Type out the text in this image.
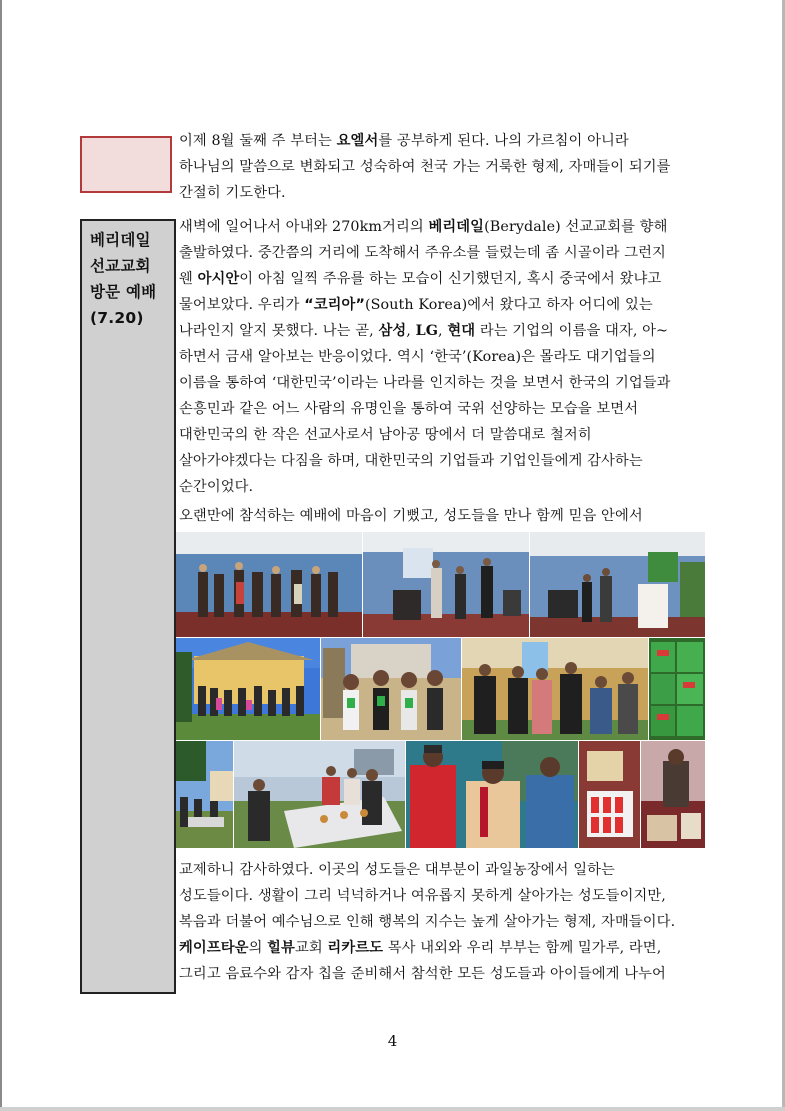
베리데일
선교교회
방문 예배
(7.20)
이제 8월 둘째 주 부터는 요엘서를 공부하게 된다. 나의 가르침이 아니라
하나님의 말씀으로 변화되고 성숙하여 천국 가는 거룩한 형제, 자매들이 되기를
간절히 기도한다.
새벽에 일어나서 아내와 270km거리의 베리데일(Berydale) 선교교회를 향해
출발하였다. 중간쯤의 거리에 도착해서 주유소를 들렀는데 좀 시골이라 그런지
웬 아시안이 아침 일찍 주유를 하는 모습이 신기했던지, 혹시 중국에서 왔냐고
물어보았다. 우리가 “코리아”(South Korea)에서 왔다고 하자 어디에 있는
나라인지 알지 못했다. 나는 곧, 삼성, LG, 현대 라는 기업의 이름을 대자, 아~
하면서 금새 알아보는 반응이었다. 역시 ‘한국’(Korea)은 몰라도 대기업들의
이름을 통하여 ‘대한민국’이라는 나라를 인지하는 것을 보면서 한국의 기업들과
손흥민과 같은 어느 사람의 유명인을 통하여 국위 선양하는 모습을 보면서
대한민국의 한 작은 선교사로서 남아공 땅에서 더 말씀대로 철저히
살아가야겠다는 다짐을 하며, 대한민국의 기업들과 기업인들에게 감사하는
순간이었다.
오랜만에 참석하는 예배에 마음이 기뻤고, 성도들을 만나 함께 믿음 안에서
교제하니 감사하였다. 이곳의 성도들은 대부분이 과일농장에서 일하는
성도들이다. 생활이 그리 넉넉하거나 여유롭지 못하게 살아가는 성도들이지만,
복음과 더불어 예수님으로 인해 행복의 지수는 높게 살아가는 형제, 자매들이다.
케이프타운의 힐뷰교회 리카르도 목사 내외와 우리 부부는 함께 밀가루, 라면,
그리고 음료수와 감자 칩을 준비해서 참석한 모든 성도들과 아이들에게 나누어
4
